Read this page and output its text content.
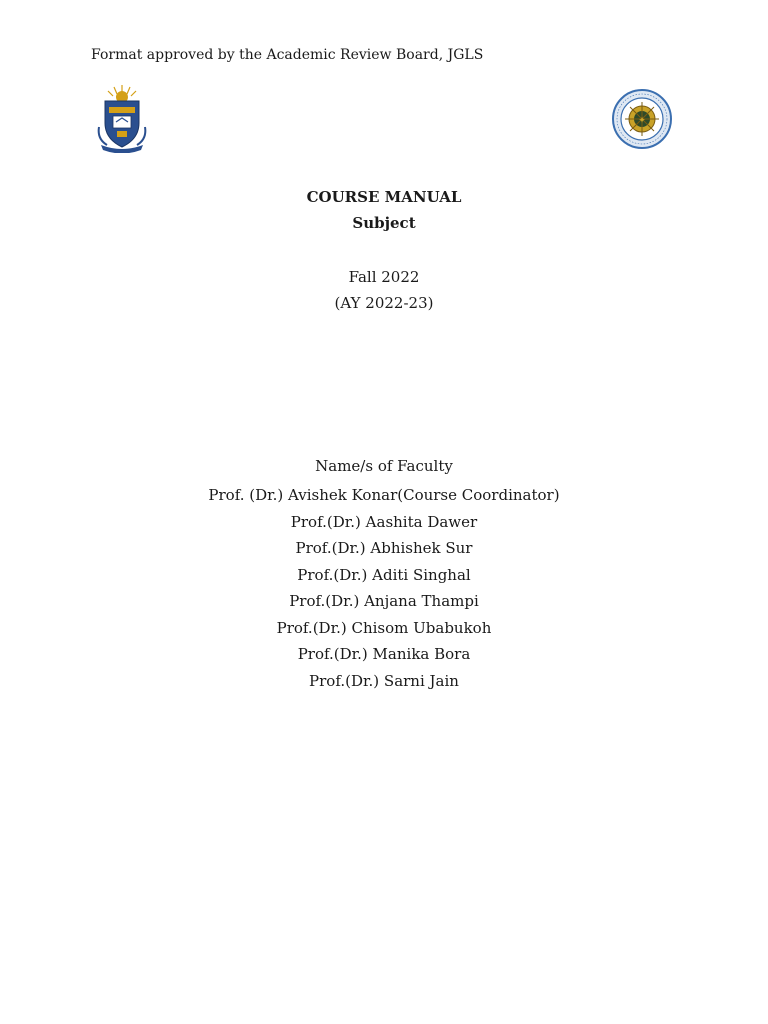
Format approved by the Academic Review Board, JGLS
✦
COURSE MANUAL
Subject
Fall 2022
(AY 2022-23)
Name/s of Faculty
Prof. (Dr.) Avishek Konar(Course Coordinator)
Prof.(Dr.) Aashita Dawer
Prof.(Dr.) Abhishek Sur
Prof.(Dr.) Aditi Singhal
Prof.(Dr.) Anjana Thampi
Prof.(Dr.) Chisom Ubabukoh
Prof.(Dr.) Manika Bora
Prof.(Dr.) Sarni Jain
